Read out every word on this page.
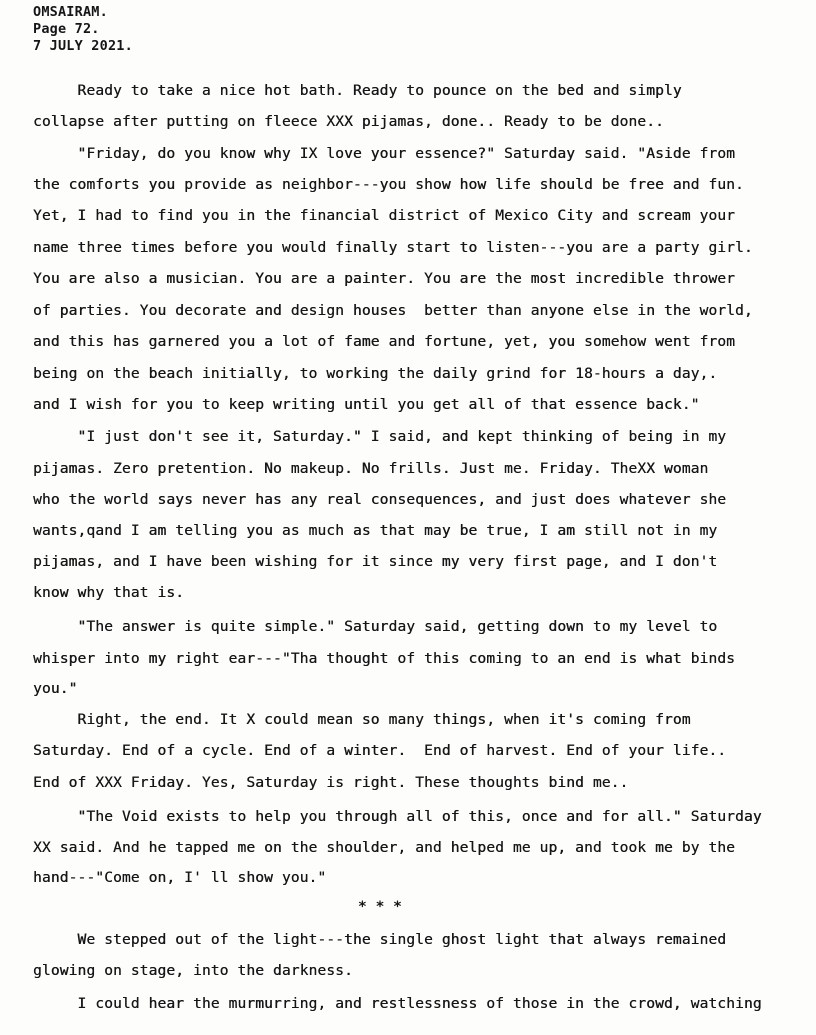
OMSAIRAM.
Page 72.
7 JULY 2021.
Ready to take a nice hot bath. Ready to pounce on the bed and simply
collapse after putting on fleece XXX pijamas, done.. Ready to be done..
"Friday, do you know why IX love your essence?" Saturday said. "Aside from
the comforts you provide as neighbor---you show how life should be free and fun.
Yet, I had to find you in the financial district of Mexico City and scream your
name three times before you would finally start to listen---you are a party girl.
You are also a musician. You are a painter. You are the most incredible thrower
of parties. You decorate and design houses  better than anyone else in the world,
and this has garnered you a lot of fame and fortune, yet, you somehow went from
being on the beach initially, to working the daily grind for 18-hours a day,.
and I wish for you to keep writing until you get all of that essence back."
"I just don't see it, Saturday." I said, and kept thinking of being in my
pijamas. Zero pretention. No makeup. No frills. Just me. Friday. TheXX woman
who the world says never has any real consequences, and just does whatever she
wants,qand I am telling you as much as that may be true, I am still not in my
pijamas, and I have been wishing for it since my very first page, and I don't
know why that is.
"The answer is quite simple." Saturday said, getting down to my level to
whisper into my right ear---"Tha thought of this coming to an end is what binds
you."
Right, the end. It X could mean so many things, when it's coming from
Saturday. End of a cycle. End of a winter.  End of harvest. End of your life..
End of XXX Friday. Yes, Saturday is right. These thoughts bind me..
"The Void exists to help you through all of this, once and for all." Saturday
XX said. And he tapped me on the shoulder, and helped me up, and took me by the
hand---"Come on, I' ll show you."
* * *
We stepped out of the light---the single ghost light that always remained
glowing on stage, into the darkness.
I could hear the murmurring, and restlessness of those in the crowd, watching
